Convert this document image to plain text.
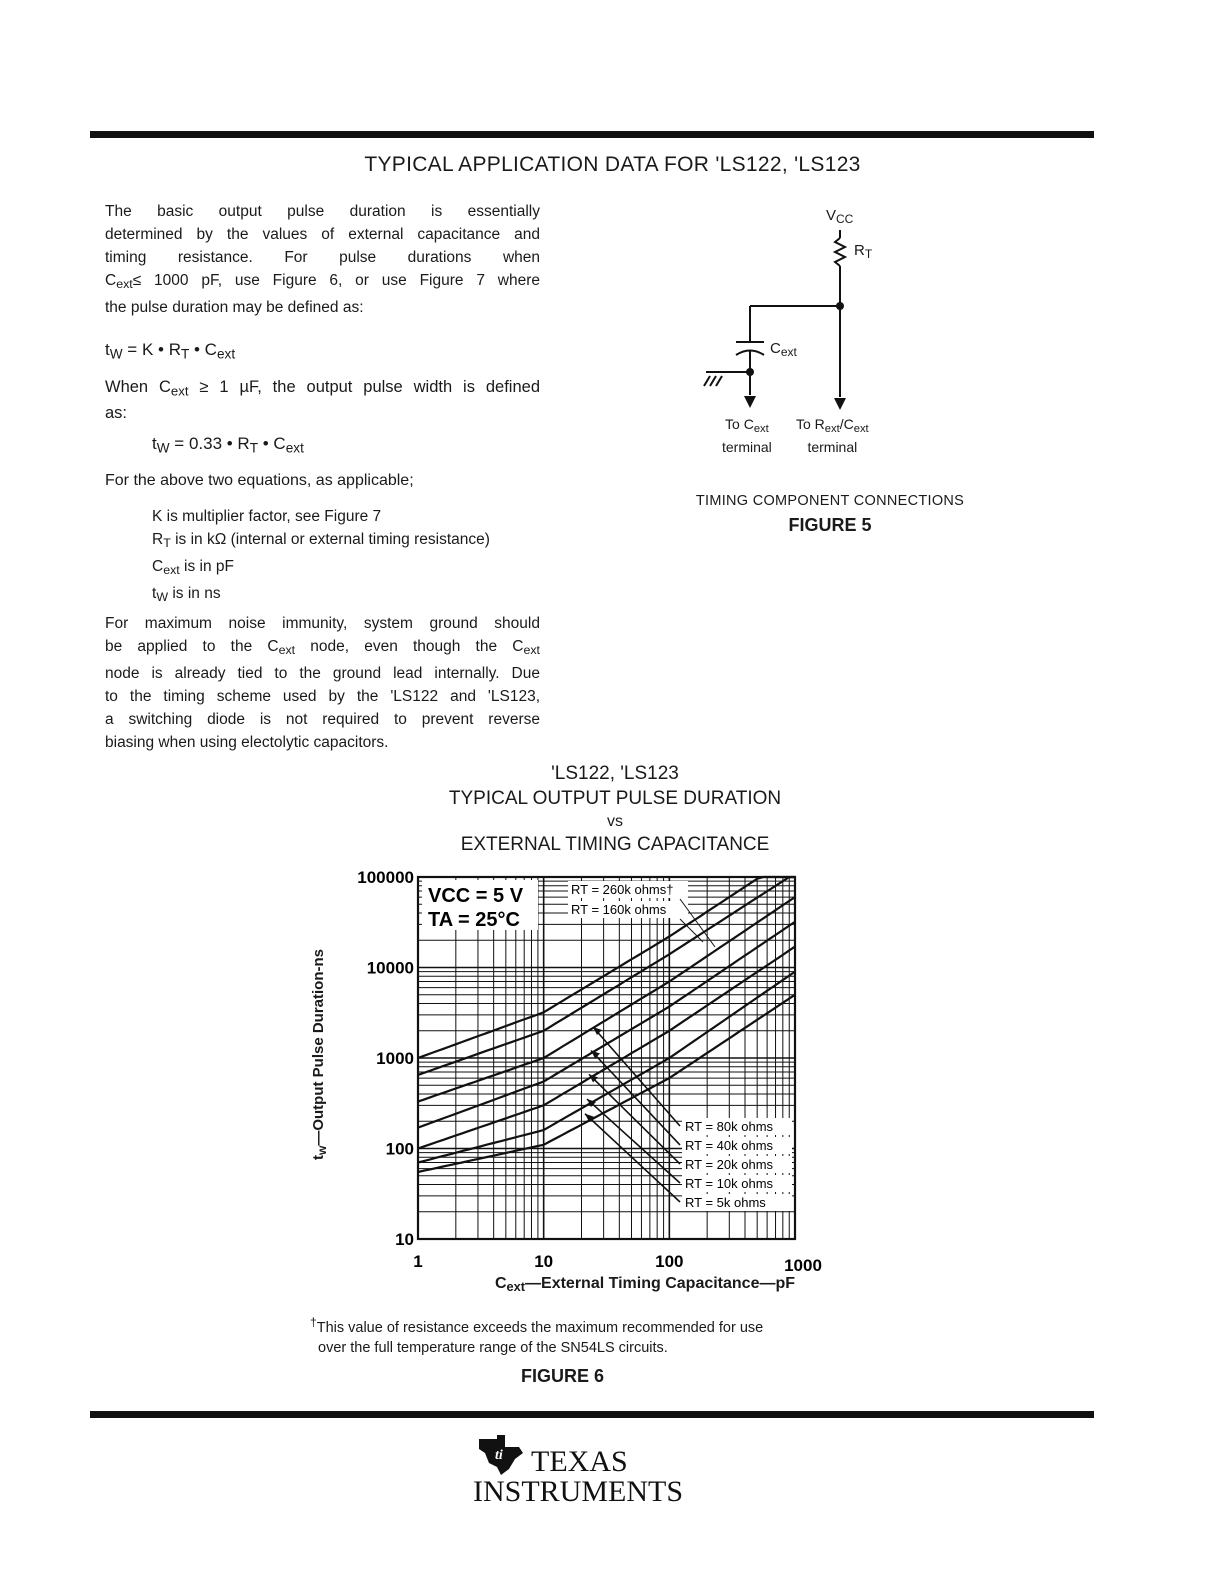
TYPICAL APPLICATION DATA FOR 'LS122, 'LS123

The basic output pulse duration is essentially

determined by the values of external capacitance and

timing resistance. For pulse durations when

$C_{ext}\le 1000$ pF, use Figure 6, or use Figure 7 where

the pulse duration may be defined as:

$t_W = K$ • $R_T$ • $C_{ext}$

When $C_{ext} \ge 1$ µF, the output pulse width is defined

as:

$t_W = 0.33$ • $R_T$ • $C_{ext}$
For the above two equations, as applicable;
K is multiplier factor, see Figure 7
$R_T$ is in kΩ (internal or external timing resistance)
$C_{ext}$ is in pF
$t_W$ is in ns

For maximum noise immunity, system ground should

be applied to the $C_{ext}$ node, even though the $C_{ext}$

node is already tied to the ground lead internally. Due

to the timing scheme used by the 'LS122 and 'LS123,

a switching diode is not required to prevent reverse

biasing when using electolytic capacitors.

$V_{CC}$
$R_T$
$C_{ext}$
To $C_{ext}$
terminal
To $R_{ext}/C_{ext}$
terminal
TIMING COMPONENT CONNECTIONS
FIGURE 5
'LS122, 'LS123
TYPICAL OUTPUT PULSE DURATION
vs
EXTERNAL TIMING CAPACITANCE
1	10	100	1000
10
100
1000
10000
100000
VCC = 5 V
TA = 25°C
RT = 260k ohms†
RT = 160k ohms
RT = 80k ohms
RT = 40k ohms
RT = 20k ohms
RT = 10k ohms
RT = 5k ohms
$t_w—Output$ Pulse Duration-ns
$C_{ext}—External$ Timing Capacitance—pF
†This value of resistance exceeds the maximum recommended for use
over the full temperature range of the SN54LS circuits.
FIGURE 6
ti TEXAS
INSTRUMENTS
